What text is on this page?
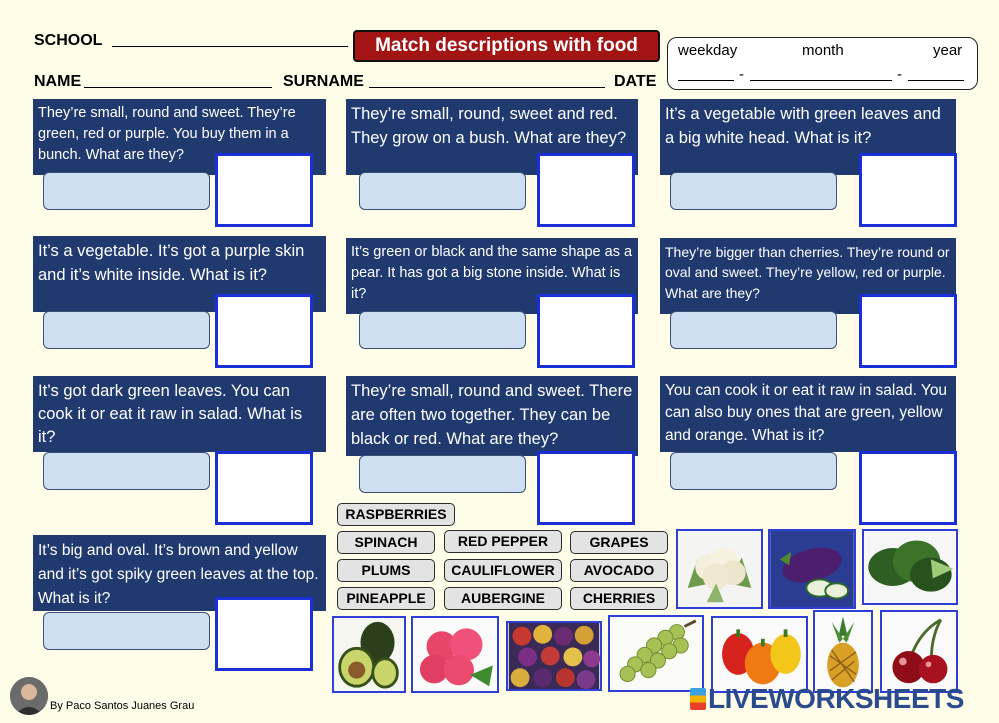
SCHOOL
NAME	SURNAME	DATE
Match descriptions with food	weekday	month	year
-	-
They’re small, round and sweet. They’re green, red or purple. You buy them in a bunch. What are they?
They’re small, round, sweet and red. They grow on a bush. What are they?
It’s a vegetable with green leaves and a big white head. What is it?
It’s a vegetable. It’s got a purple skin and it’s white inside. What is it?
It’s green or black and the same shape as a pear. It has got a big stone inside. What is it?
They’re bigger than cherries. They’re round or oval and sweet. They’re yellow, red or purple. What are they?
It’s got dark green leaves. You can cook it or eat it raw in salad. What is it?
They’re small, round and sweet. There are often two together. They can be black or red. What are they?
You can cook it or eat it raw in salad. You can also buy ones that are green, yellow and orange. What is it?
It’s big and oval. It’s brown and yellow and it’s got spiky green leaves at the top. What is it?
RASPBERRIES
SPINACH	RED PEPPER	GRAPES
PLUMS	CAULIFLOWER	AVOCADO
PINEAPPLE	AUBERGINE	CHERRIES
By Paco Santos Juanes Grau	LIVEWORKSHEETS
